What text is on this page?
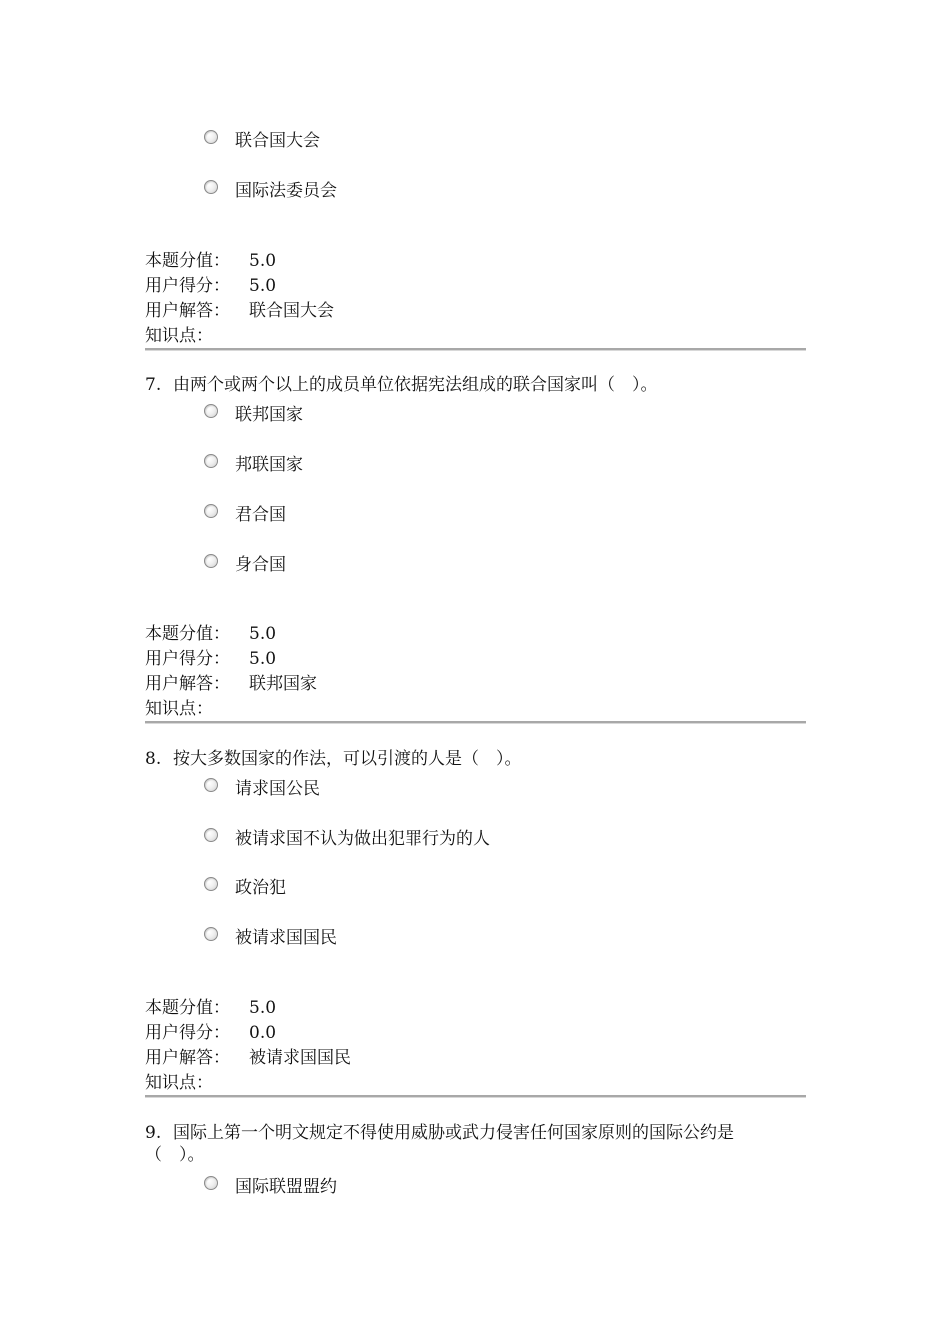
联合国大会
国际法委员会
本题分值： 5.0
用户得分： 5.0
用户解答： 联合国大会
知识点：
7. 由两个或两个以上的成员单位依据宪法组成的联合国家叫（　）。
联邦国家
邦联国家
君合国
身合国
本题分值： 5.0
用户得分： 5.0
用户解答： 联邦国家
知识点：
8. 按大多数国家的作法，可以引渡的人是（　）。
请求国公民
被请求国不认为做出犯罪行为的人
政治犯
被请求国国民
本题分值： 5.0
用户得分： 0.0
用户解答： 被请求国国民
知识点：
9. 国际上第一个明文规定不得使用威胁或武力侵害任何国家原则的国际公约是
（　）。
国际联盟盟约
